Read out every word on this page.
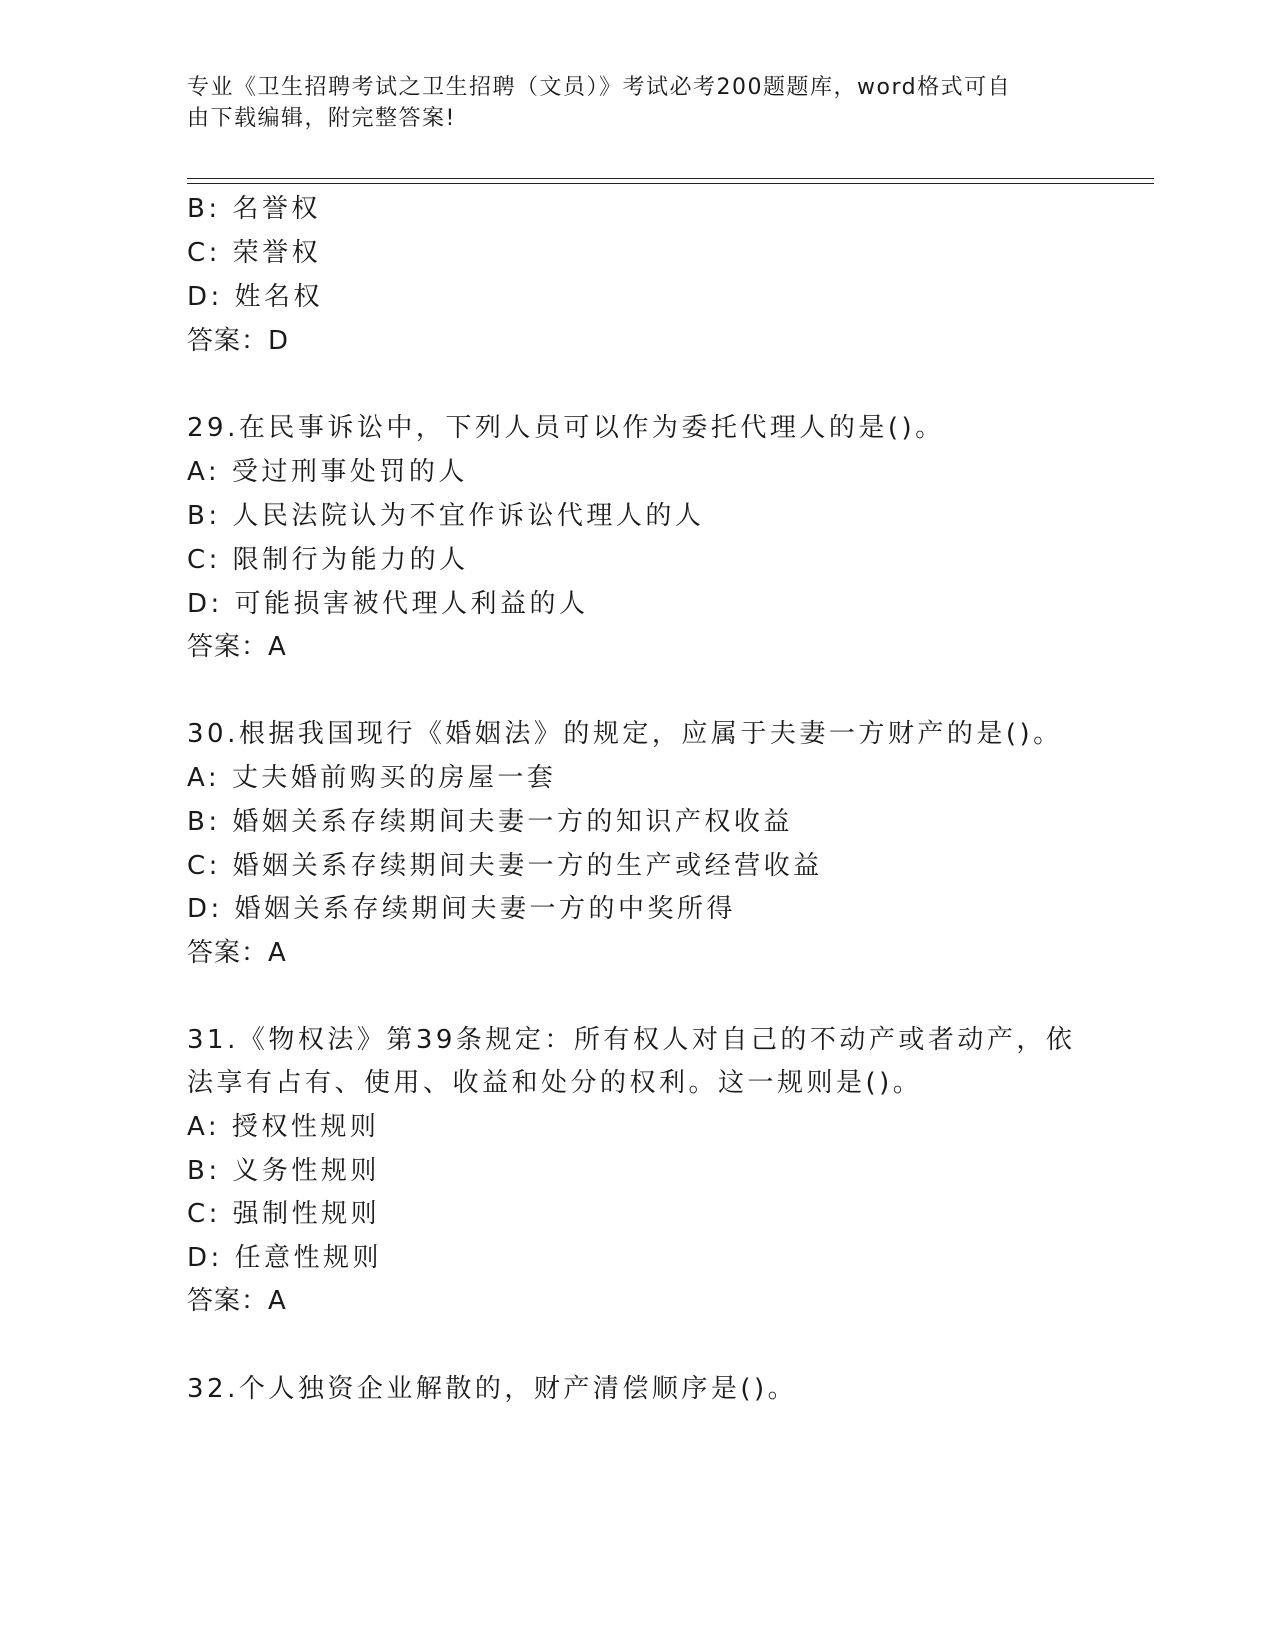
专业《卫生招聘考试之卫生招聘（文员）》考试必考200题题库，word格式可自
由下载编辑，附完整答案!
B: 名誉权
C: 荣誉权
D: 姓名权
答案：D
29.在民事诉讼中，下列人员可以作为委托代理人的是()。
A: 受过刑事处罚的人
B: 人民法院认为不宜作诉讼代理人的人
C: 限制行为能力的人
D: 可能损害被代理人利益的人
答案：A
30.根据我国现行《婚姻法》的规定，应属于夫妻一方财产的是()。
A: 丈夫婚前购买的房屋一套
B: 婚姻关系存续期间夫妻一方的知识产权收益
C: 婚姻关系存续期间夫妻一方的生产或经营收益
D: 婚姻关系存续期间夫妻一方的中奖所得
答案：A
31.《物权法》第39条规定：所有权人对自己的不动产或者动产，依
法享有占有、使用、收益和处分的权利。这一规则是()。
A: 授权性规则
B: 义务性规则
C: 强制性规则
D: 任意性规则
答案：A
32.个人独资企业解散的，财产清偿顺序是()。
